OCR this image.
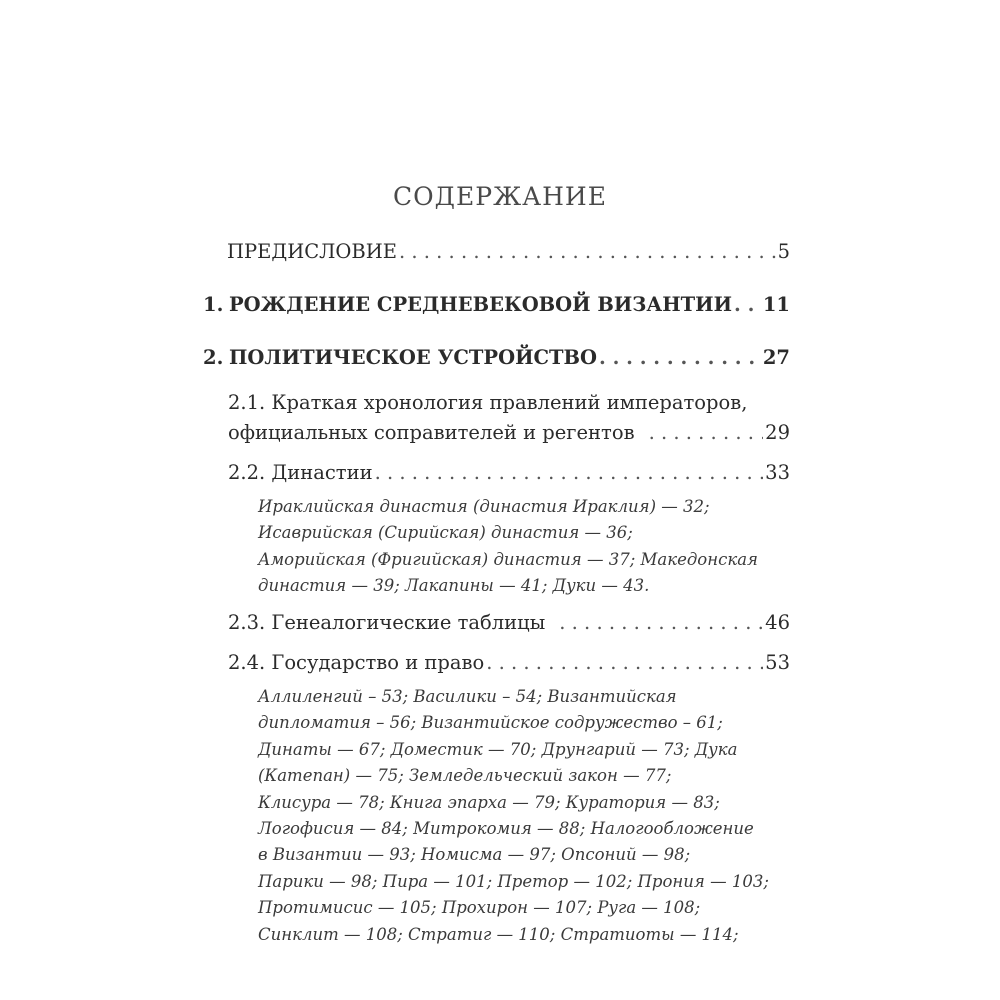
СОДЕРЖАНИЕ
ПРЕДИСЛОВИЕ . . .	5
1. РОЖДЕНИЕ СРЕДНЕВЕКОВОЙ ВИЗАНТИИ . . . 11
2. ПОЛИТИЧЕСКОЕ УСТРОЙСТВО . . .	27
2.1. Краткая хронология правлений императоров,
официальных соправителей и регентов . . .	29
2.2. Династии . . .	33
Ираклийская династия (династия Ираклия) — 32;
Исаврийская (Сирийская) династия — 36;
Аморийская (Фригийская) династия — 37; Македонская
династия — 39; Лакапины — 41; Дуки — 43.
2.3. Генеалогические таблицы . . .	46
2.4. Государство и право . . .	53
Аллиленгий – 53; Василики – 54; Византийская
дипломатия – 56; Византийское содружество – 61;
Динаты — 67; Доместик — 70; Друнгарий — 73; Дука
(Катепан) — 75; Земледельческий закон — 77;
Клисура — 78; Книга эпарха — 79; Куратория — 83;
Логофисия — 84; Митрокомия — 88; Налогообложение
в Византии — 93; Номисма — 97; Опсоний — 98;
Парики — 98; Пира — 101; Претор — 102; Прония — 103;
Протимисис — 105; Прохирон — 107; Руга — 108;
Синклит — 108; Стратиг — 110; Стратиоты — 114;
